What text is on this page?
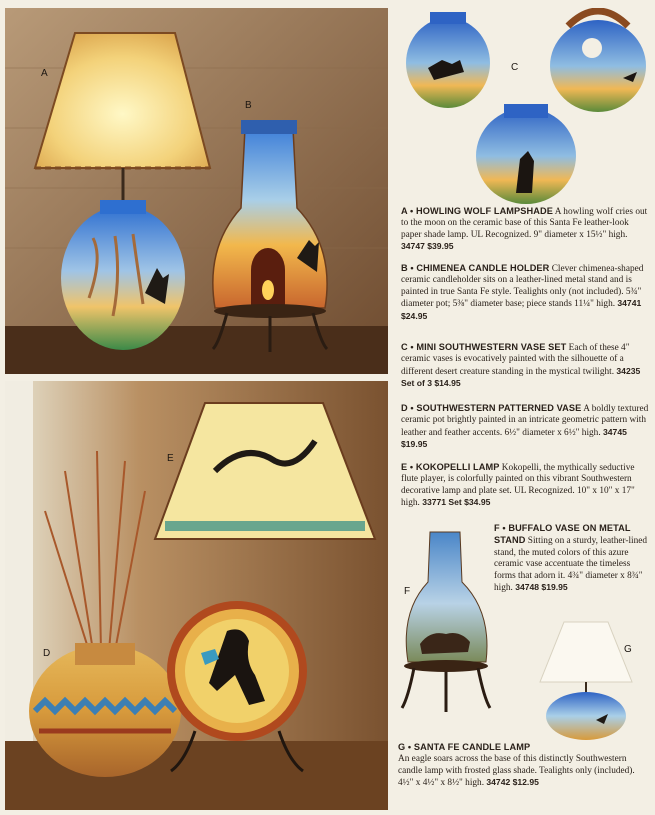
A
B
C
D
E
F
G
A • HOWLING WOLF LAMPSHADE A howling wolf cries out to the moon on the ceramic base of this Santa Fe leather-look paper shade lamp. UL Recognized. 9" diameter x 15½" high. 34747 $39.95
B • CHIMENEA CANDLE HOLDER Clever chimenea-shaped ceramic candleholder sits on a leather-lined metal stand and is painted in true Santa Fe style. Tealights only (not included). 5¾" diameter pot; 5⅜" diameter base; piece stands 11¼" high. 34741 $24.95
C • MINI SOUTHWESTERN VASE SET Each of these 4" ceramic vases is evocatively painted with the silhouette of a different desert creature standing in the mystical twilight. 34235 Set of 3 $14.95
D • SOUTHWESTERN PATTERNED VASE A boldly textured ceramic pot brightly painted in an intricate geometric pattern with leather and feather accents. 6½" diameter x 6½" high. 34745 $19.95
E • KOKOPELLI LAMP Kokopelli, the mythically seductive flute player, is colorfully painted on this vibrant Southwestern decorative lamp and plate set. UL Recognized. 10" x 10" x 17" high. 33771 Set $34.95
F • BUFFALO VASE ON METAL STAND Sitting on a sturdy, leather-lined stand, the muted colors of this azure ceramic vase accentuate the timeless forms that adorn it. 4¾" diameter x 8¾" high. 34748 $19.95
G • SANTA FE CANDLE LAMP
An eagle soars across the base of this distinctly Southwestern candle lamp with frosted glass shade. Tealights only (included). 4½" x 4½" x 8½" high. 34742 $12.95
